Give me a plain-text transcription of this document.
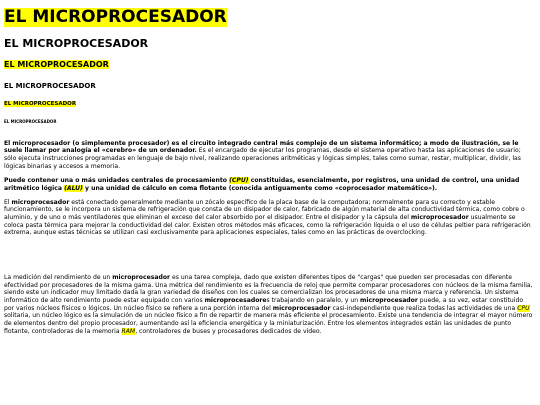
EL MICROPROCESADOR
EL MICROPROCESADOR
EL MICROPROCESADOR
EL MICROPROCESADOR
EL MICROPROCESADOR
EL MICROPROCESADOR

El microprocesador (o simplemente procesador) es el circuito integrado central más complejo de un sistema informático; a modo de ilustración, se le suele llamar por analogía el «cerebro» de un ordenador. Es el encargado de ejecutar los programas, desde el sistema operativo hasta las aplicaciones de usuario; sólo ejecuta instrucciones programadas en lenguaje de bajo nivel, realizando operaciones aritméticas y lógicas simples, tales como sumar, restar, multiplicar, dividir, las lógicas binarias y accesos a memoria.

Puede contener una o más unidades centrales de procesamiento (CPU) constituidas, esencialmente, por registros, una unidad de control, una unidad aritmético lógica (ALU) y una unidad de cálculo en coma flotante (conocida antiguamente como «coprocesador matemático»).

El microprocesador está conectado generalmente mediante un zócalo específico de la placa base de la computadora; normalmente para su correcto y estable funcionamiento, se le incorpora un sistema de refrigeración que consta de un disipador de calor, fabricado de algún material de alta conductividad térmica, como cobre o aluminio, y de uno o más ventiladores que eliminan el exceso del calor absorbido por el disipador. Entre el disipador y la cápsula del microprocesador usualmente se coloca pasta térmica para mejorar la conductividad del calor. Existen otros métodos más eficaces, como la refrigeración líquida o el uso de células peltier para refrigeración extrema, aunque estas técnicas se utilizan casi exclusivamente para aplicaciones especiales, tales como en las prácticas de overclocking.

La medición del rendimiento de un microprocesador es una tarea compleja, dado que existen diferentes tipos de "cargas" que pueden ser procesadas con diferente efectividad por procesadores de la misma gama. Una métrica del rendimiento es la frecuencia de reloj que permite comparar procesadores con núcleos de la misma familia, siendo este un indicador muy limitado dada la gran variedad de diseños con los cuales se comercializan los procesadores de una misma marca y referencia. Un sistema informático de alto rendimiento puede estar equipado con varios microprocesadores trabajando en paralelo, y un microprocesador puede, a su vez, estar constituido por varios núcleos físicos o lógicos. Un núcleo físico se refiere a una porción interna del microprocesador casi-independiente que realiza todas las actividades de una CPU solitaria, un núcleo lógico es la simulación de un núcleo físico a fin de repartir de manera más eficiente el procesamiento. Existe una tendencia de integrar el mayor número de elementos dentro del propio procesador, aumentando así la eficiencia energética y la miniaturización. Entre los elementos integrados están las unidades de punto flotante, controladoras de la memoria RAM, controladores de buses y procesadores dedicados de vídeo.
